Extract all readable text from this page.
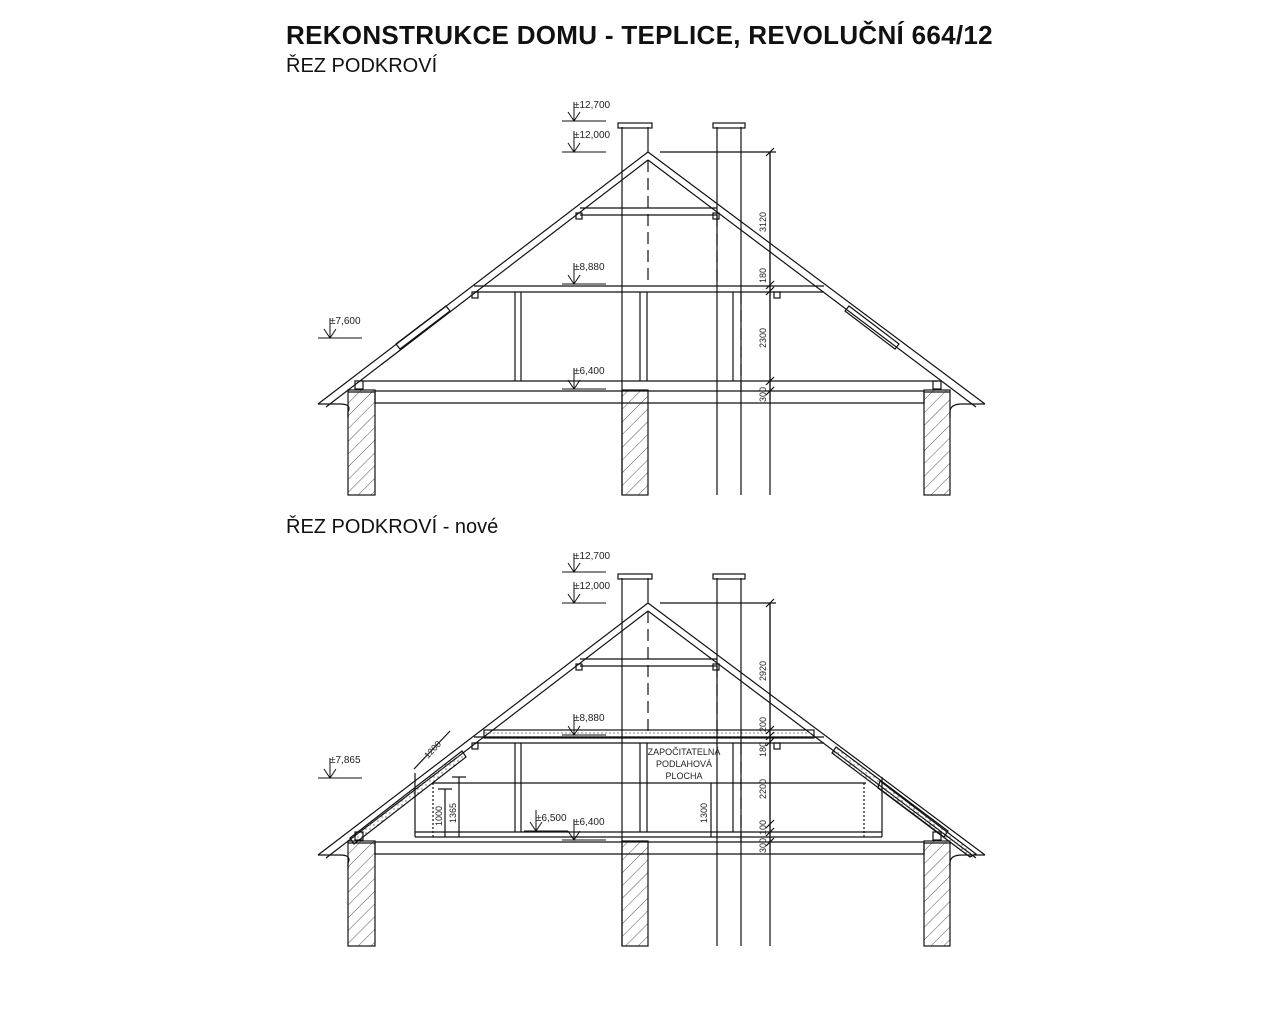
REKONSTRUKCE DOMU - TEPLICE, REVOLUČNÍ 664/12

ŘEZ PODKROVÍ

ŘEZ PODKROVÍ - nové

±12,700
±12,000
±8,880
±7,600
±6,400
3120
180
2300
300
±12,700
±12,000
±8,880
±7,865
±6,500 ±6,400
2920
200
180
2200
100
300
1200
1000 1365	1300
ZAPOČITATELNÁ
PODLAHOVÁ
PLOCHA
